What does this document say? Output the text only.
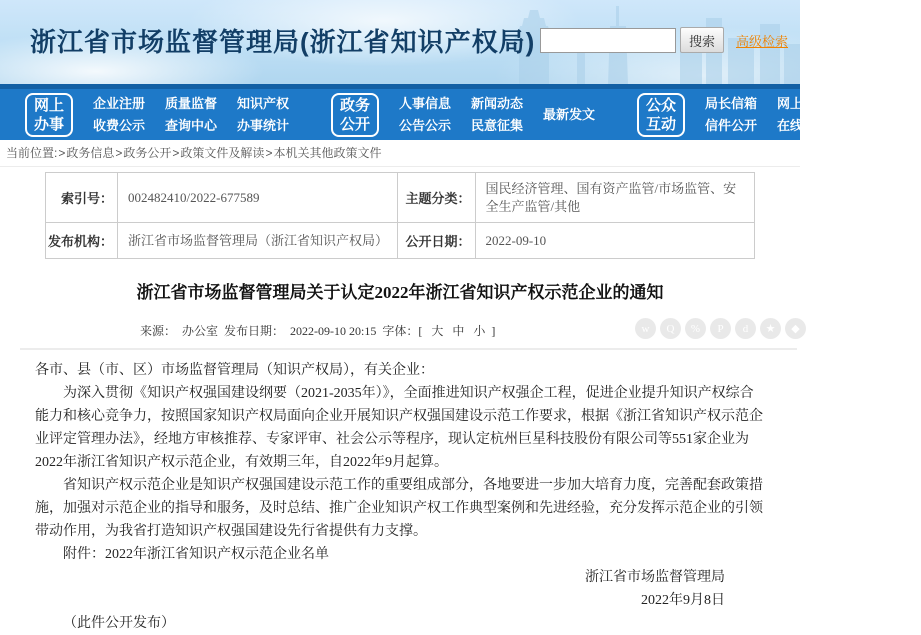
浙江省市场监督管理局(浙江省知识产权局)	搜索	高级检索
网上
办事
企业注册
收费公示
质量监督
查询中心
知识产权
办事统计
政务
公开
人事信息
公告公示
新闻动态
民意征集
最新发文
公众
互动
局长信箱
信件公开
网上咨询
在线访谈
知识百科
当前位置:>政务信息>政务公开>政策文件及解读>本机关其他政策文件
索引号：	002482410/2022-677589	主题分类：	国民经济管理、国有资产监管/市场监管、安全生产监管/其他
发布机构：	浙江省市场监督管理局（浙江省知识产权局）	公开日期：	2022-09-10
浙江省市场监督管理局关于认定2022年浙江省知识产权示范企业的通知
来源： 办公室 发布日期： 2022-09-10 20:15 字体：[ 大 中 小 ]	w	Q	%	P	d	★	◆

各市、县（市、区）市场监督管理局（知识产权局），有关企业：

为深入贯彻《知识产权强国建设纲要（2021-2035年）》，全面推进知识产权强企工程，促进企业提升知识产权综合能力和核心竞争力，按照国家知识产权局面向企业开展知识产权强国建设示范工作要求，根据《浙江省知识产权示范企业评定管理办法》，经地方审核推荐、专家评审、社会公示等程序，现认定杭州巨星科技股份有限公司等551家企业为2022年浙江省知识产权示范企业，有效期三年，自2022年9月起算。

省知识产权示范企业是知识产权强国建设示范工作的重要组成部分，各地要进一步加大培育力度，完善配套政策措施，加强对示范企业的指导和服务，及时总结、推广企业知识产权工作典型案例和先进经验，充分发挥示范企业的引领带动作用，为我省打造知识产权强国建设先行省提供有力支撑。

附件：2022年浙江省知识产权示范企业名单

浙江省市场监督管理局

2022年9月8日

（此件公开发布）
